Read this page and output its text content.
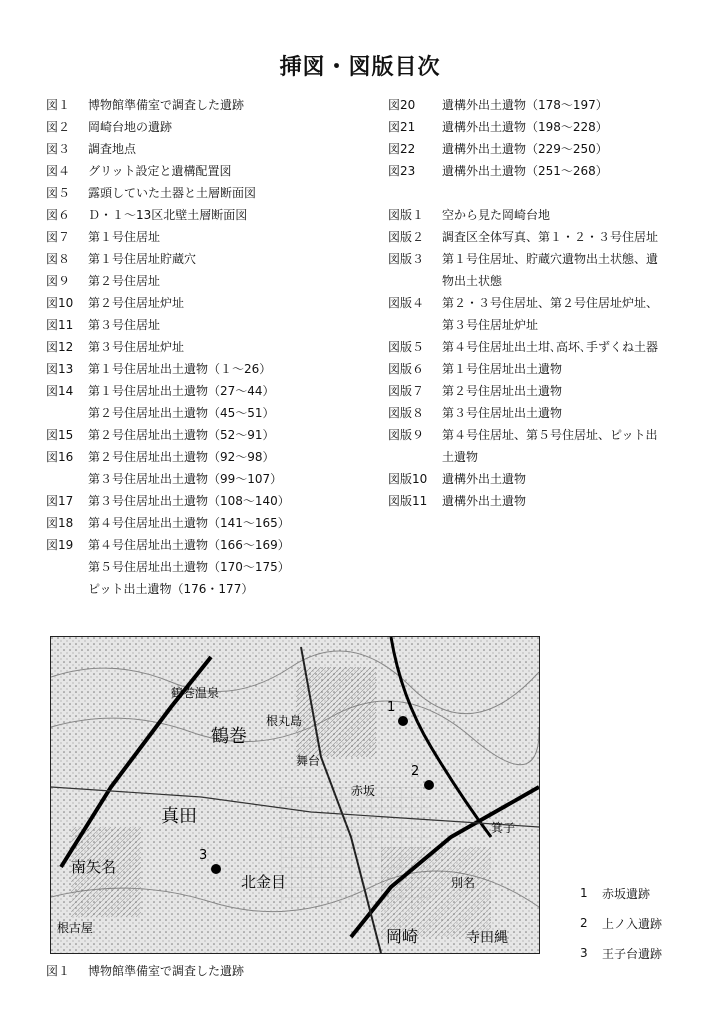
挿図・図版目次
図１	博物館準備室で調査した遺跡
図２	岡崎台地の遺跡
図３	調査地点
図４	グリット設定と遺構配置図
図５	露頭していた土器と土層断面図
図６	Ｄ・１～13区北壁土層断面図
図７	第１号住居址
図８	第１号住居址貯蔵穴
図９	第２号住居址
図10	第２号住居址炉址
図11	第３号住居址
図12	第３号住居址炉址
図13	第１号住居址出土遺物（１～26）
図14	第１号住居址出土遺物（27～44）
第２号住居址出土遺物（45～51）
図15	第２号住居址出土遺物（52～91）
図16	第２号住居址出土遺物（92～98）
第３号住居址出土遺物（99～107）
図17	第３号住居址出土遺物（108～140）
図18	第４号住居址出土遺物（141～165）
図19	第４号住居址出土遺物（166～169）
第５号住居址出土遺物（170～175）
ピット出土遺物（176・177）
図20	遺構外出土遺物（178～197）
図21	遺構外出土遺物（198～228）
図22	遺構外出土遺物（229～250）
図23	遺構外出土遺物（251～268）
図版１	空から見た岡崎台地
図版２	調査区全体写真、第１・２・３号住居址
図版３	第１号住居址、貯蔵穴遺物出土状態、遺
物出土状態
図版４	第２・３号住居址、第２号住居址炉址、
第３号住居址炉址
図版５	第４号住居址出土坩､高坏､手ずくね土器
図版６	第１号住居址出土遺物
図版７	第２号住居址出土遺物
図版８	第３号住居址出土遺物
図版９	第４号住居址、第５号住居址、ピット出
土遺物
図版10	遺構外出土遺物
図版11	遺構外出土遺物
2
3
1
鶴巻温泉
根丸島
鶴巻
舞台
真田
北金目
岡崎
南矢名
根古屋
寺田縄
別名
赤坂
箕子
1	赤坂遺跡
2	上ノ入遺跡
3	王子台遺跡
図１	博物館準備室で調査した遺跡
